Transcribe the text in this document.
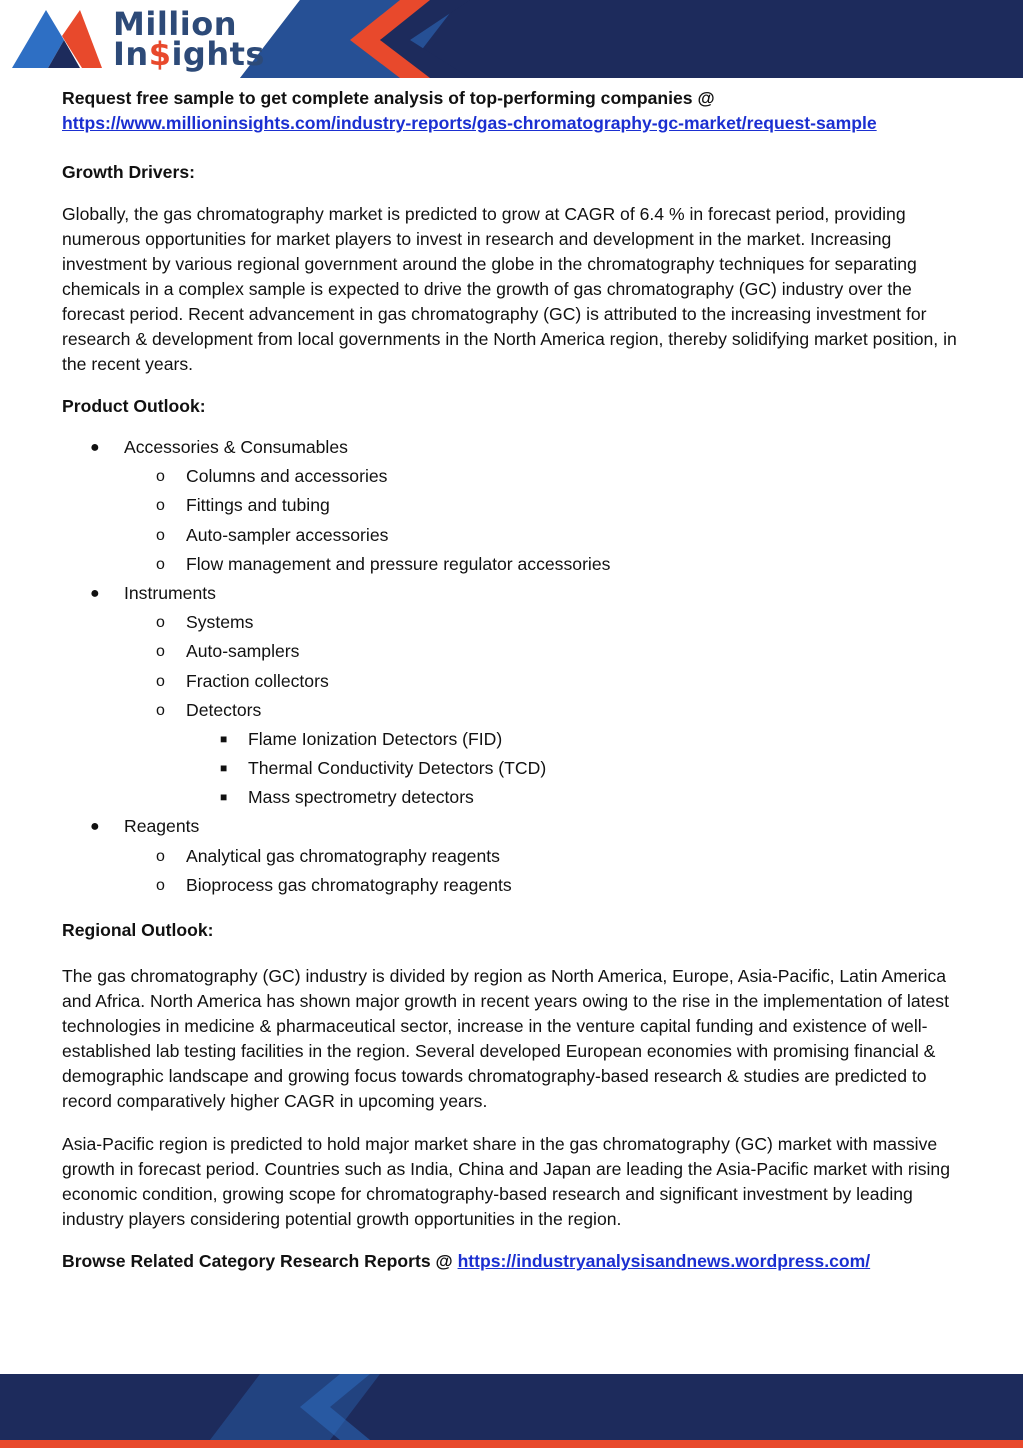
Million
In$ights

Request free sample to get complete analysis of top-performing companies @

https://www.millioninsights.com/industry-reports/gas-chromatography-gc-market/request-sample

Growth Drivers:

Globally, the gas chromatography market is predicted to grow at CAGR of 6.4 % in forecast period, providing numerous opportunities for market players to invest in research and development in the market. Increasing investment by various regional government around the globe in the chromatography techniques for separating chemicals in a complex sample is expected to drive the growth of gas chromatography (GC) industry over the forecast period. Recent advancement in gas chromatography (GC) is attributed to the increasing investment for research & development from local governments in the North America region, thereby solidifying market position, in the recent years.

Product Outlook:

● Accessories & Consumables
o Columns and accessories
o Fittings and tubing
o Auto-sampler accessories
o Flow management and pressure regulator accessories
● Instruments
o Systems
o Auto-samplers
o Fraction collectors
o Detectors
■ Flame Ionization Detectors (FID)
■ Thermal Conductivity Detectors (TCD)
■ Mass spectrometry detectors
● Reagents
o Analytical gas chromatography reagents
o Bioprocess gas chromatography reagents

Regional Outlook:

The gas chromatography (GC) industry is divided by region as North America, Europe, Asia-Pacific, Latin America and Africa. North America has shown major growth in recent years owing to the rise in the implementation of latest technologies in medicine & pharmaceutical sector, increase in the venture capital funding and existence of well-established lab testing facilities in the region. Several developed European economies with promising financial & demographic landscape and growing focus towards chromatography-based research & studies are predicted to record comparatively higher CAGR in upcoming years.

Asia-Pacific region is predicted to hold major market share in the gas chromatography (GC) market with massive growth in forecast period. Countries such as India, China and Japan are leading the Asia-Pacific market with rising economic condition, growing scope for chromatography-based research and significant investment by leading industry players considering potential growth opportunities in the region.

Browse Related Category Research Reports @ https://industryanalysisandnews.wordpress.com/
